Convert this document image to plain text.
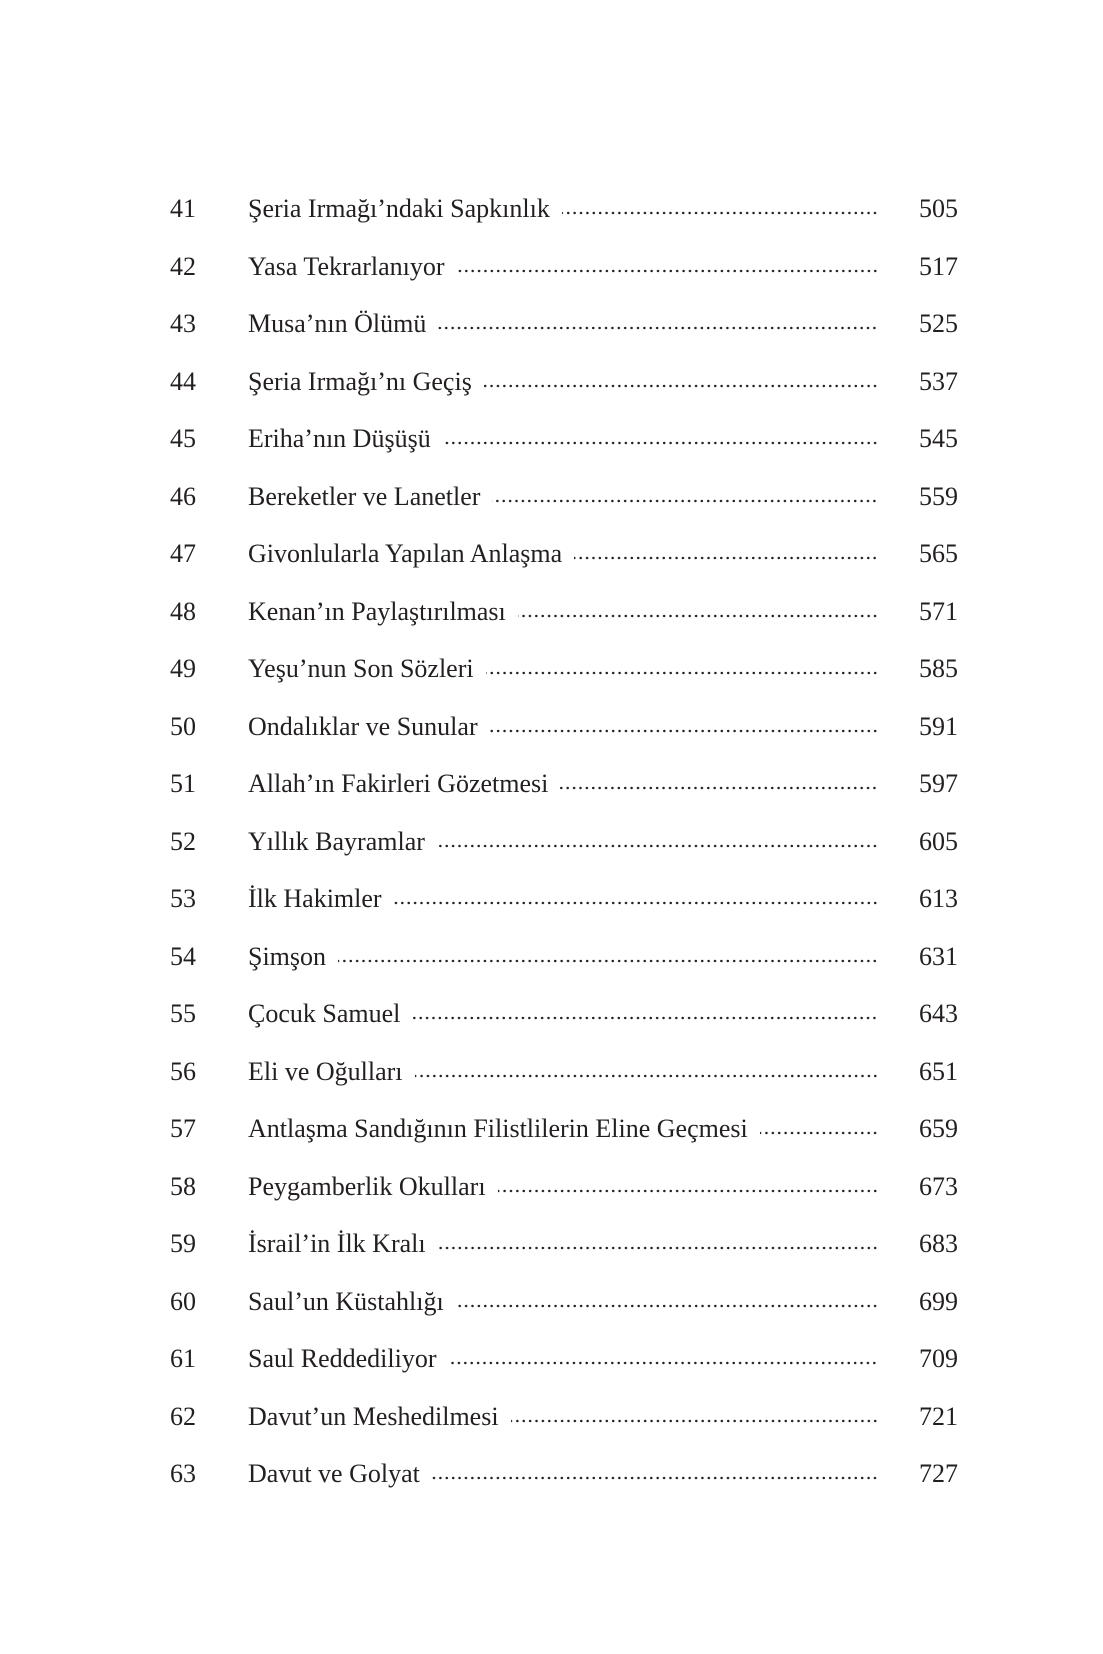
41	Şeria Irmağı’ndaki Sapkınlık	505
42	Yasa Tekrarlanıyor	517
43	Musa’nın Ölümü	525
44	Şeria Irmağı’nı Geçiş	537
45	Eriha’nın Düşüşü	545
46	Bereketler ve Lanetler	559
47	Givonlularla Yapılan Anlaşma	565
48	Kenan’ın Paylaştırılması	571
49	Yeşu’nun Son Sözleri	585
50	Ondalıklar ve Sunular	591
51	Allah’ın Fakirleri Gözetmesi	597
52	Yıllık Bayramlar	605
53	İlk Hakimler	613
54	Şimşon	631
55	Çocuk Samuel	643
56	Eli ve Oğulları	651
57	Antlaşma Sandığının Filistlilerin Eline Geçmesi	659
58	Peygamberlik Okulları	673
59	İsrail’in İlk Kralı	683
60	Saul’un Küstahlığı	699
61	Saul Reddediliyor	709
62	Davut’un Meshedilmesi	721
63	Davut ve Golyat	727
